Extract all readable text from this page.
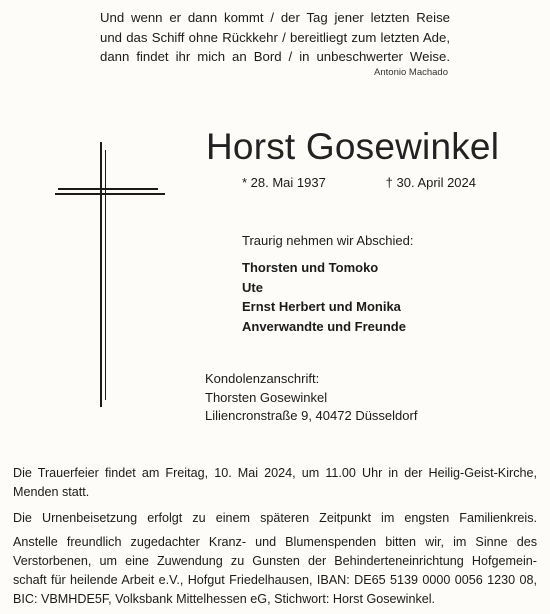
Und wenn er dann kommt / der Tag jener letzten Reise
und das Schiff ohne Rückkehr / bereitliegt zum letzten Ade,
dann findet ihr mich an Bord / in unbeschwerter Weise.
Antonio Machado
Horst Gosewinkel
* 28. Mai 1937	† 30. April 2024
Traurig nehmen wir Abschied:
Thorsten und Tomoko
Ute
Ernst Herbert und Monika
Anverwandte und Freunde
Kondolenzanschrift:
Thorsten Gosewinkel
Liliencronstraße 9, 40472 Düsseldorf
Die Trauerfeier findet am Freitag, 10. Mai 2024, um 11.00 Uhr in der Heilig-Geist-Kirche,
Menden statt.
Die Urnenbeisetzung erfolgt zu einem späteren Zeitpunkt im engsten Familienkreis.
Anstelle freundlich zugedachter Kranz- und Blumenspenden bitten wir, im Sinne des
Verstorbenen, um eine Zuwendung zu Gunsten der Behinderteneinrichtung Hofgemein-
schaft für heilende Arbeit e.V., Hofgut Friedelhausen, IBAN: DE65 5139 0000 0056 1230 08,
BIC: VBMHDE5F, Volksbank Mittelhessen eG, Stichwort: Horst Gosewinkel.
